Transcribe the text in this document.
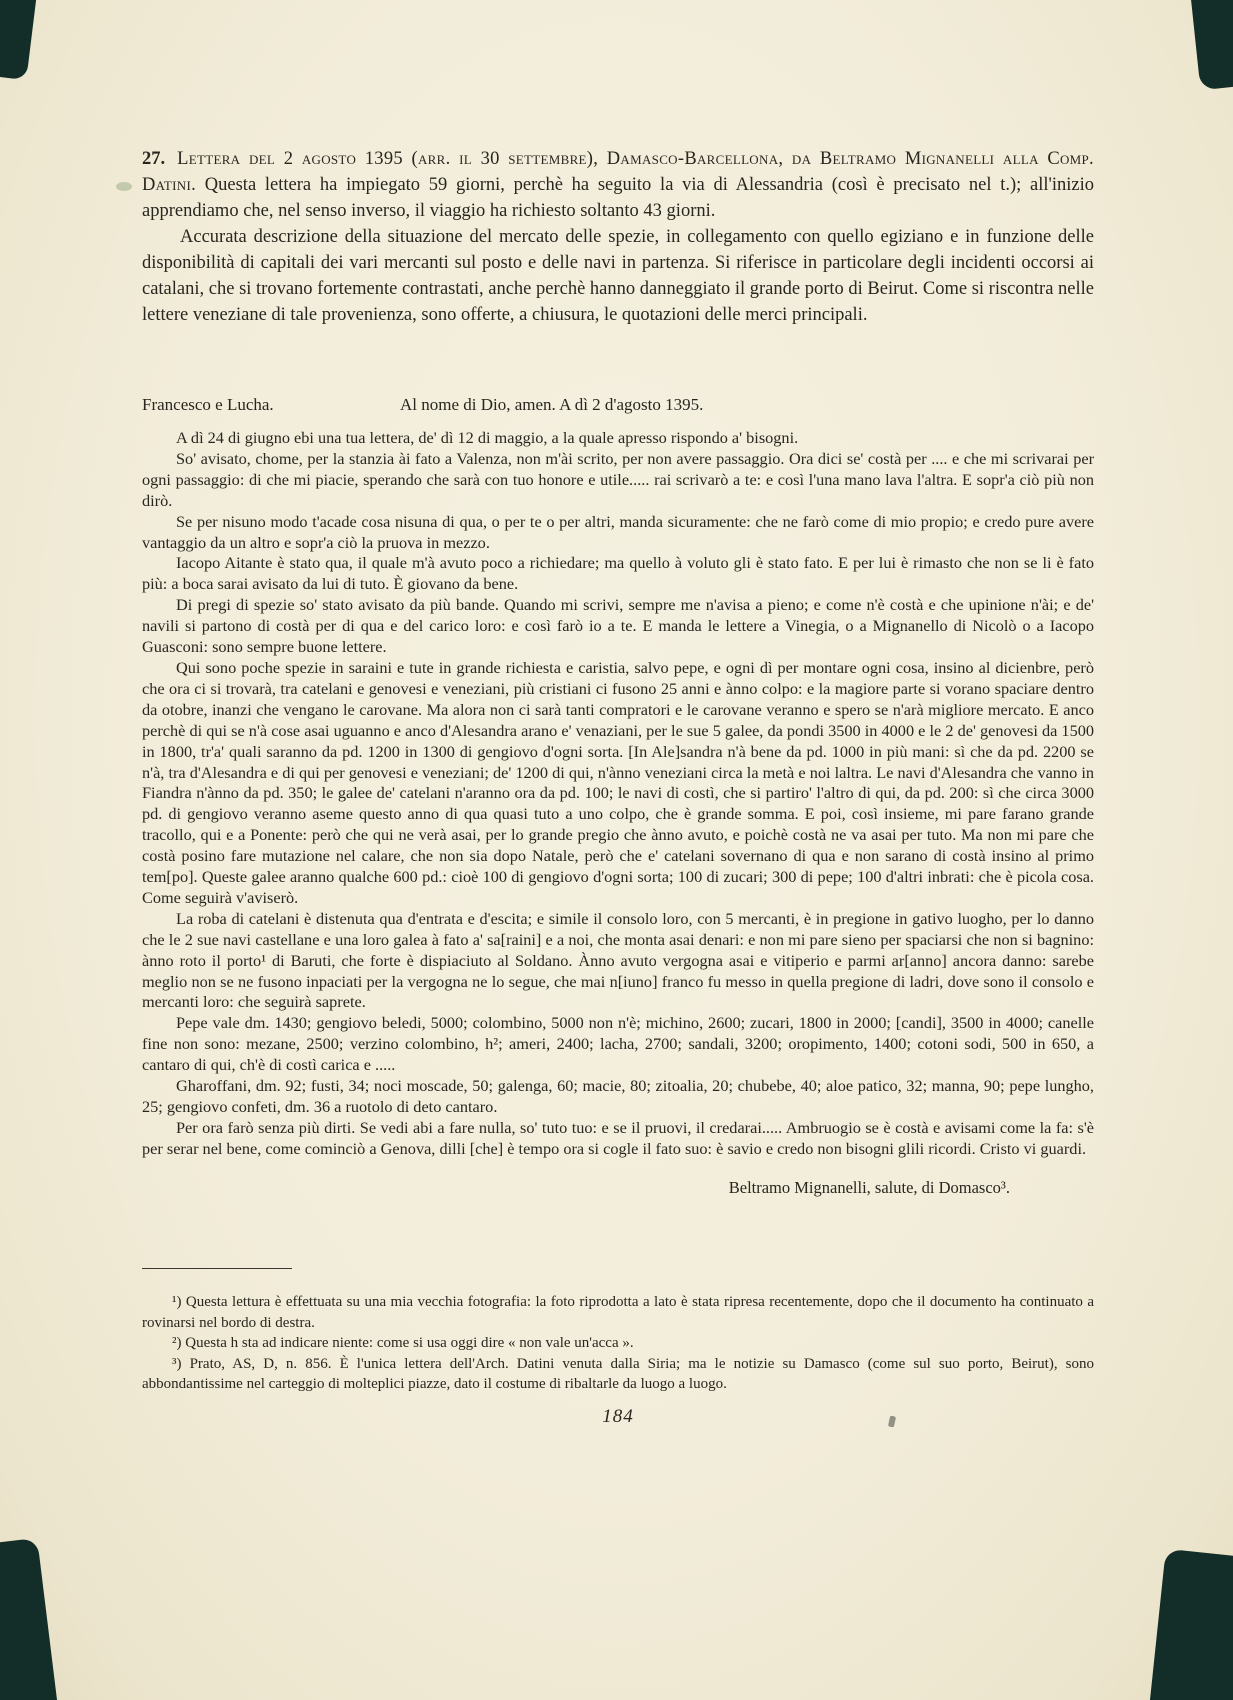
27. Lettera del 2 agosto 1395 (arr. il 30 settembre), Damasco-Barcellona, da Beltramo Mignanelli alla Comp. Datini. Questa lettera ha impiegato 59 giorni, perchè ha seguito la via di Alessandria (così è precisato nel t.); all'inizio apprendiamo che, nel senso inverso, il viaggio ha richiesto soltanto 43 giorni.

Accurata descrizione della situazione del mercato delle spezie, in collegamento con quello egiziano e in funzione delle disponibilità di capitali dei vari mercanti sul posto e delle navi in partenza. Si riferisce in particolare degli incidenti occorsi ai catalani, che si trovano fortemente contrastati, anche perchè hanno danneggiato il grande porto di Beirut. Come si riscontra nelle lettere veneziane di tale provenienza, sono offerte, a chiusura, le quotazioni delle merci principali.

Francesco e Lucha.	Al nome di Dio, amen. A dì 2 d'agosto 1395.

A dì 24 di giugno ebi una tua lettera, de' dì 12 di maggio, a la quale apresso rispondo a' bisogni.

So' avisato, chome, per la stanzia ài fato a Valenza, non m'ài scrito, per non avere passaggio. Ora dici se' costà per .... e che mi scrivarai per ogni passaggio: di che mi piacie, sperando che sarà con tuo honore e utile..... rai scrivarò a te: e così l'una mano lava l'altra. E sopr'a ciò più non dirò.

Se per nisuno modo t'acade cosa nisuna di qua, o per te o per altri, manda sicuramente: che ne farò come di mio propio; e credo pure avere vantaggio da un altro e sopr'a ciò la pruova in mezzo.

Iacopo Aitante è stato qua, il quale m'à avuto poco a richiedare; ma quello à voluto gli è stato fato. E per lui è rimasto che non se li è fato più: a boca sarai avisato da lui di tuto. È giovano da bene.

Di pregi di spezie so' stato avisato da più bande. Quando mi scrivi, sempre me n'avisa a pieno; e come n'è costà e che upinione n'ài; e de' navili si partono di costà per di qua e del carico loro: e così farò io a te. E manda le lettere a Vinegia, o a Mignanello di Nicolò o a Iacopo Guasconi: sono sempre buone lettere.

Qui sono poche spezie in saraini e tute in grande richiesta e caristia, salvo pepe, e ogni dì per montare ogni cosa, insino al dicienbre, però che ora ci si trovarà, tra catelani e genovesi e veneziani, più cristiani ci fusono 25 anni e ànno colpo: e la magiore parte si vorano spaciare dentro da otobre, inanzi che vengano le carovane. Ma alora non ci sarà tanti compratori e le carovane veranno e spero se n'arà migliore mercato. E anco perchè di qui se n'à cose asai uguanno e anco d'Alesandra arano e' venaziani, per le sue 5 galee, da pondi 3500 in 4000 e le 2 de' genovesi da 1500 in 1800, tr'a' quali saranno da pd. 1200 in 1300 di gengiovo d'ogni sorta. [In Ale]sandra n'à bene da pd. 1000 in più mani: sì che da pd. 2200 se n'à, tra d'Alesandra e di qui per genovesi e veneziani; de' 1200 di qui, n'ànno veneziani circa la metà e noi laltra. Le navi d'Alesandra che vanno in Fiandra n'ànno da pd. 350; le galee de' catelani n'aranno ora da pd. 100; le navi di costì, che si partiro' l'altro di qui, da pd. 200: sì che circa 3000 pd. di gengiovo veranno aseme questo anno di qua quasi tuto a uno colpo, che è grande somma. E poi, così insieme, mi pare farano grande tracollo, qui e a Ponente: però che qui ne verà asai, per lo grande pregio che ànno avuto, e poichè costà ne va asai per tuto. Ma non mi pare che costà posino fare mutazione nel calare, che non sia dopo Natale, però che e' catelani sovernano di qua e non sarano di costà insino al primo tem[po]. Queste galee aranno qualche 600 pd.: cioè 100 di gengiovo d'ogni sorta; 100 di zucari; 300 di pepe; 100 d'altri inbrati: che è picola cosa. Come seguirà v'aviserò.

La roba di catelani è distenuta qua d'entrata e d'escita; e simile il consolo loro, con 5 mercanti, è in pregione in gativo luogho, per lo danno che le 2 sue navi castellane e una loro galea à fato a' sa[raini] e a noi, che monta asai denari: e non mi pare sieno per spaciarsi che non si bagnino: ànno roto il porto¹ di Baruti, che forte è dispiaciuto al Soldano. Ànno avuto vergogna asai e vitiperio e parmi ar[anno] ancora danno: sarebe meglio non se ne fusono inpaciati per la vergogna ne lo segue, che mai n[iuno] franco fu messo in quella pregione di ladri, dove sono il consolo e mercanti loro: che seguirà saprete.

Pepe vale dm. 1430; gengiovo beledi, 5000; colombino, 5000 non n'è; michino, 2600; zucari, 1800 in 2000; [candi], 3500 in 4000; canelle fine non sono: mezane, 2500; verzino colombino, h²; ameri, 2400; lacha, 2700; sandali, 3200; oropimento, 1400; cotoni sodi, 500 in 650, a cantaro di qui, ch'è di costì carica e .....

Gharoffani, dm. 92; fusti, 34; noci moscade, 50; galenga, 60; macie, 80; zitoalia, 20; chubebe, 40; aloe patico, 32; manna, 90; pepe lungho, 25; gengiovo confeti, dm. 36 a ruotolo di deto cantaro.

Per ora farò senza più dirti. Se vedi abi a fare nulla, so' tuto tuo: e se il pruovi, il credarai..... Ambruogio se è costà e avisami come la fa: s'è per serar nel bene, come cominciò a Genova, dilli [che] è tempo ora si cogle il fato suo: è savio e credo non bisogni glili ricordi. Cristo vi guardi.

Beltramo Mignanelli, salute, di Domasco³.

¹) Questa lettura è effettuata su una mia vecchia fotografia: la foto riprodotta a lato è stata ripresa recentemente, dopo che il documento ha continuato a rovinarsi nel bordo di destra.

²) Questa h sta ad indicare niente: come si usa oggi dire « non vale un'acca ».

³) Prato, AS, D, n. 856. È l'unica lettera dell'Arch. Datini venuta dalla Siria; ma le notizie su Damasco (come sul suo porto, Beirut), sono abbondantissime nel carteggio di molteplici piazze, dato il costume di ribaltarle da luogo a luogo.

184
